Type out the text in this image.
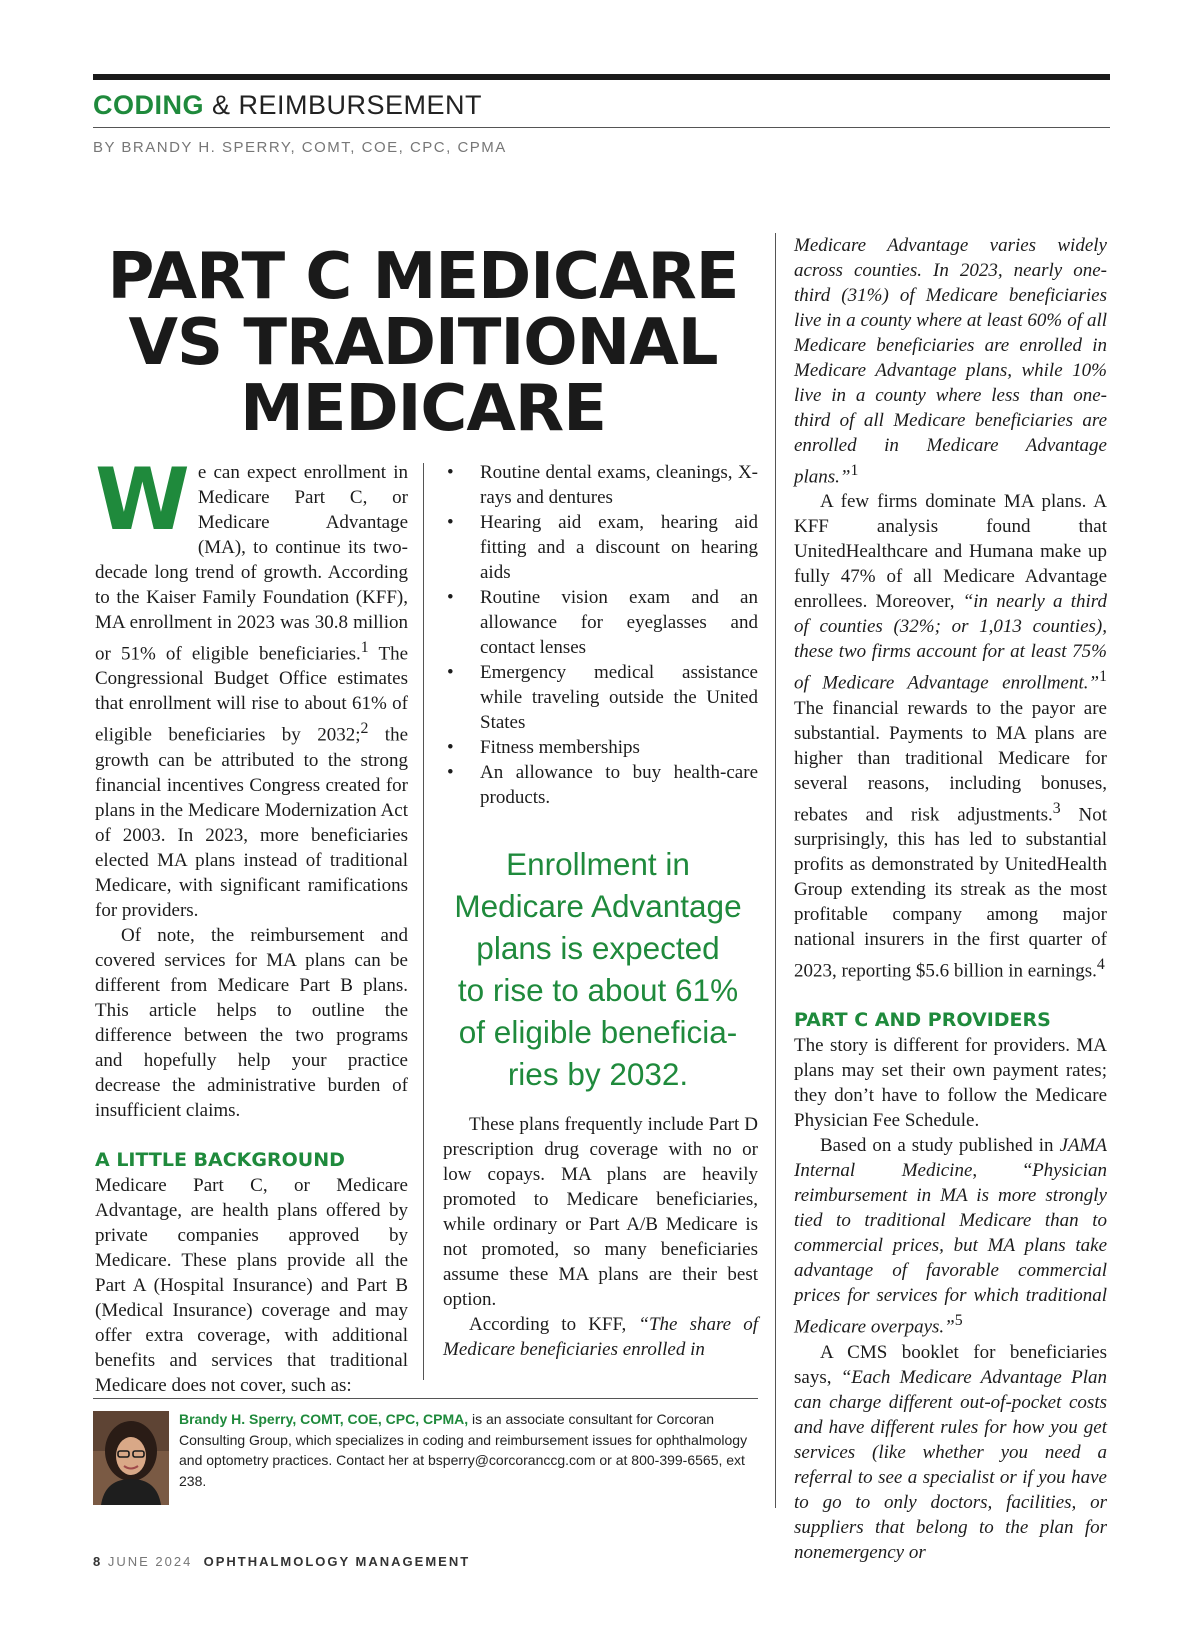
CODING & REIMBURSEMENT
BY BRANDY H. SPERRY, COMT, COE, CPC, CPMA
PART C MEDICARE
VS TRADITIONAL
MEDICARE

We can expect enrollment in Medicare Part C, or Medicare Advantage (MA), to continue its two-decade long trend of growth. According to the Kaiser Family Foundation (KFF), MA enrollment in 2023 was 30.8 million or 51% of eligible beneficiaries.$^1$ The Congressional Budget Office estimates that enrollment will rise to about 61% of eligible beneficiaries by 2032;$^2$ the growth can be attributed to the strong financial incentives Congress created for plans in the Medicare Modernization Act of 2003. In 2023, more beneficiaries elected MA plans instead of traditional Medicare, with significant ramifications for providers.

Of note, the reimbursement and covered services for MA plans can be different from Medicare Part B plans. This article helps to outline the difference between the two programs and hopefully help your practice decrease the administrative burden of insufficient claims.

A LITTLE BACKGROUND

Medicare Part C, or Medicare Advantage, are health plans offered by private companies approved by Medicare. These plans provide all the Part A (Hospital Insurance) and Part B (Medical Insurance) coverage and may offer extra coverage, with additional benefits and services that traditional Medicare does not cover, such as:

• Routine dental exams, cleanings, X-rays and dentures
• Hearing aid exam, hearing aid fitting and a discount on hearing aids
• Routine vision exam and an allowance for eyeglasses and contact lenses
• Emergency medical assistance while traveling outside the United States
• Fitness memberships
• An allowance to buy health-care products.
Enrollment in
Medicare Advantage
plans is expected
to rise to about 61%
of eligible beneficia-
ries by 2032.

These plans frequently include Part D prescription drug coverage with no or low copays. MA plans are heavily promoted to Medicare beneficiaries, while ordinary or Part A/B Medicare is not promoted, so many beneficiaries assume these MA plans are their best option.

According to KFF, “The share of Medicare beneficiaries enrolled in

Medicare Advantage varies widely across counties. In 2023, nearly one-third (31%) of Medicare beneficiaries live in a county where at least 60% of all Medicare beneficiaries are enrolled in Medicare Advantage plans, while 10% live in a county where less than one-third of all Medicare beneficiaries are enrolled in Medicare Advantage plans.”$^1$

A few firms dominate MA plans. A KFF analysis found that UnitedHealthcare and Humana make up fully 47% of all Medicare Advantage enrollees. Moreover, “in nearly a third of counties (32%; or 1,013 counties), these two firms account for at least 75% of Medicare Advantage enrollment.”$^1$ The financial rewards to the payor are substantial. Payments to MA plans are higher than traditional Medicare for several reasons, including bonuses, rebates and risk adjustments.$^3$ Not surprisingly, this has led to substantial profits as demonstrated by UnitedHealth Group extending its streak as the most profitable company among major national insurers in the first quarter of 2023, reporting $5.6 billion in earnings.$^4$

PART C AND PROVIDERS

The story is different for providers. MA plans may set their own payment rates; they don’t have to follow the Medicare Physician Fee Schedule.

Based on a study published in JAMA Internal Medicine, “Physician reimbursement in MA is more strongly tied to traditional Medicare than to commercial prices, but MA plans take advantage of favorable commercial prices for services for which traditional Medicare overpays.”$^5$

A CMS booklet for beneficiaries says, “Each Medicare Advantage Plan can charge different out-of-pocket costs and have different rules for how you get services (like whether you need a referral to see a specialist or if you have to go to only doctors, facilities, or suppliers that belong to the plan for nonemergency or

Brandy H. Sperry, COMT, COE, CPC, CPMA, is an associate consultant for Corcoran Consulting Group, which specializes in coding and reimbursement issues for ophthalmology and optometry practices. Contact her at bsperry@corcoranccg.com or at 800-399-6565, ext 238.
8 JUNE 2024 OPHTHALMOLOGY MANAGEMENT
